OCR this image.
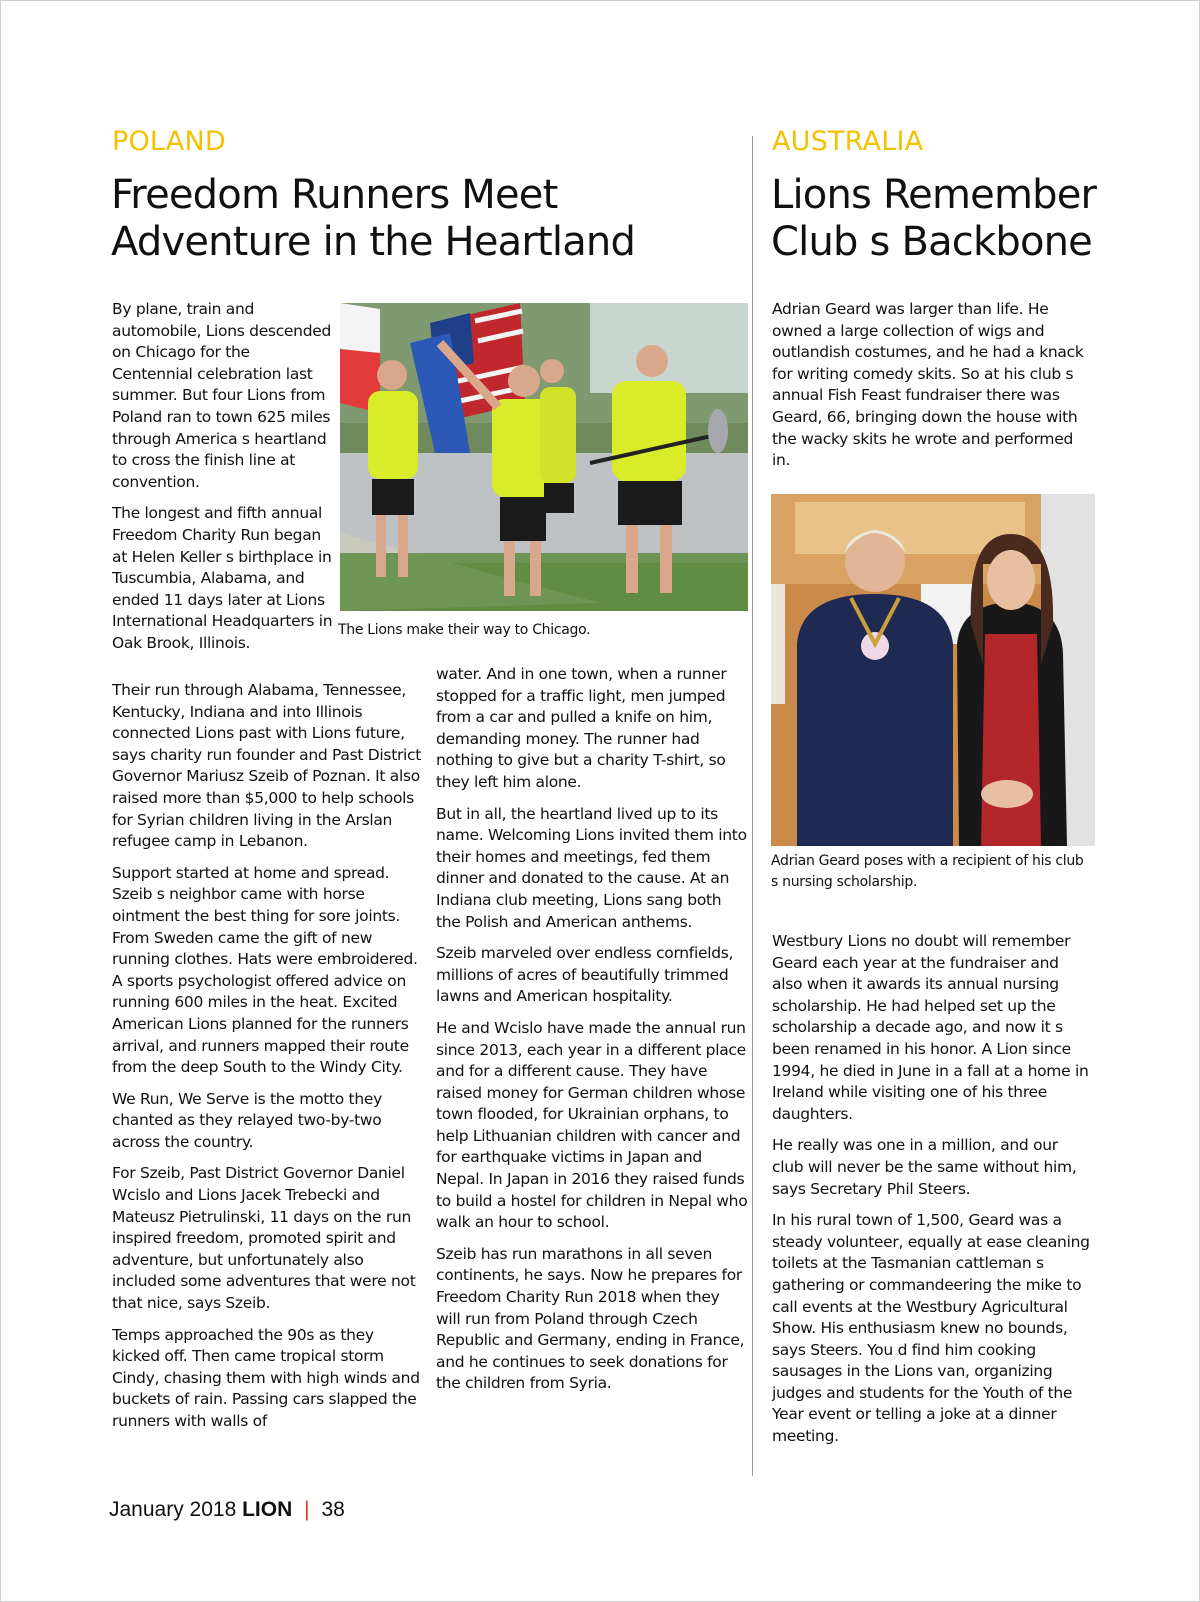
POLAND
Freedom Runners Meet Adventure in the Heartland
AUSTRALIA
Lions Remember Club s Backbone
The Lions make their way to Chicago.

By plane, train and automobile, Lions descended on Chicago for the Centennial celebration last summer. But four Lions from Poland ran to town 625 miles through America s heartland to cross the finish line at convention.

The longest and fifth annual Freedom Charity Run began at Helen Keller s birthplace in Tuscumbia, Alabama, and ended 11 days later at Lions International Headquarters in Oak Brook, Illinois.

Their run through Alabama, Tennessee, Kentucky, Indiana and into Illinois connected Lions past with Lions future, says charity run founder and Past District Governor Mariusz Szeib of Poznan. It also raised more than $5,000 to help schools for Syrian children living in the Arslan refugee camp in Lebanon.

Support started at home and spread. Szeib s neighbor came with horse ointment the best thing for sore joints. From Sweden came the gift of new running clothes. Hats were embroidered. A sports psychologist offered advice on running 600 miles in the heat. Excited American Lions planned for the runners arrival, and runners mapped their route from the deep South to the Windy City.

We Run, We Serve is the motto they chanted as they relayed two-by-two across the country.

For Szeib, Past District Governor Daniel Wcislo and Lions Jacek Trebecki and Mateusz Pietrulinski, 11 days on the run inspired freedom, promoted spirit and adventure, but unfortunately also included some adventures that were not that nice, says Szeib.

Temps approached the 90s as they kicked off. Then came tropical storm Cindy, chasing them with high winds and buckets of rain. Passing cars slapped the runners with walls of

water. And in one town, when a runner stopped for a traffic light, men jumped from a car and pulled a knife on him, demanding money. The runner had nothing to give but a charity T-shirt, so they left him alone.

But in all, the heartland lived up to its name. Welcoming Lions invited them into their homes and meetings, fed them dinner and donated to the cause. At an Indiana club meeting, Lions sang both the Polish and American anthems.

Szeib marveled over endless cornfields, millions of acres of beautifully trimmed lawns and American hospitality.

He and Wcislo have made the annual run since 2013, each year in a different place and for a different cause. They have raised money for German children whose town flooded, for Ukrainian orphans, to help Lithuanian children with cancer and for earthquake victims in Japan and Nepal. In Japan in 2016 they raised funds to build a hostel for children in Nepal who walk an hour to school.

Szeib has run marathons in all seven continents, he says. Now he prepares for Freedom Charity Run 2018 when they will run from Poland through Czech Republic and Germany, ending in France, and he continues to seek donations for the children from Syria.

Adrian Geard was larger than life. He owned a large collection of wigs and outlandish costumes, and he had a knack for writing comedy skits. So at his club s annual Fish Feast fundraiser there was Geard, 66, bringing down the house with the wacky skits he wrote and performed in.

Adrian Geard poses with a recipient of his club s nursing scholarship.

Westbury Lions no doubt will remember Geard each year at the fundraiser and also when it awards its annual nursing scholarship. He had helped set up the scholarship a decade ago, and now it s been renamed in his honor. A Lion since 1994, he died in June in a fall at a home in Ireland while visiting one of his three daughters.

He really was one in a million, and our club will never be the same without him, says Secretary Phil Steers.

In his rural town of 1,500, Geard was a steady volunteer, equally at ease cleaning toilets at the Tasmanian cattleman s gathering or commandeering the mike to call events at the Westbury Agricultural Show. His enthusiasm knew no bounds, says Steers. You d find him cooking sausages in the Lions van, organizing judges and students for the Youth of the Year event or telling a joke at a dinner meeting.

January 2018 LION | 38
